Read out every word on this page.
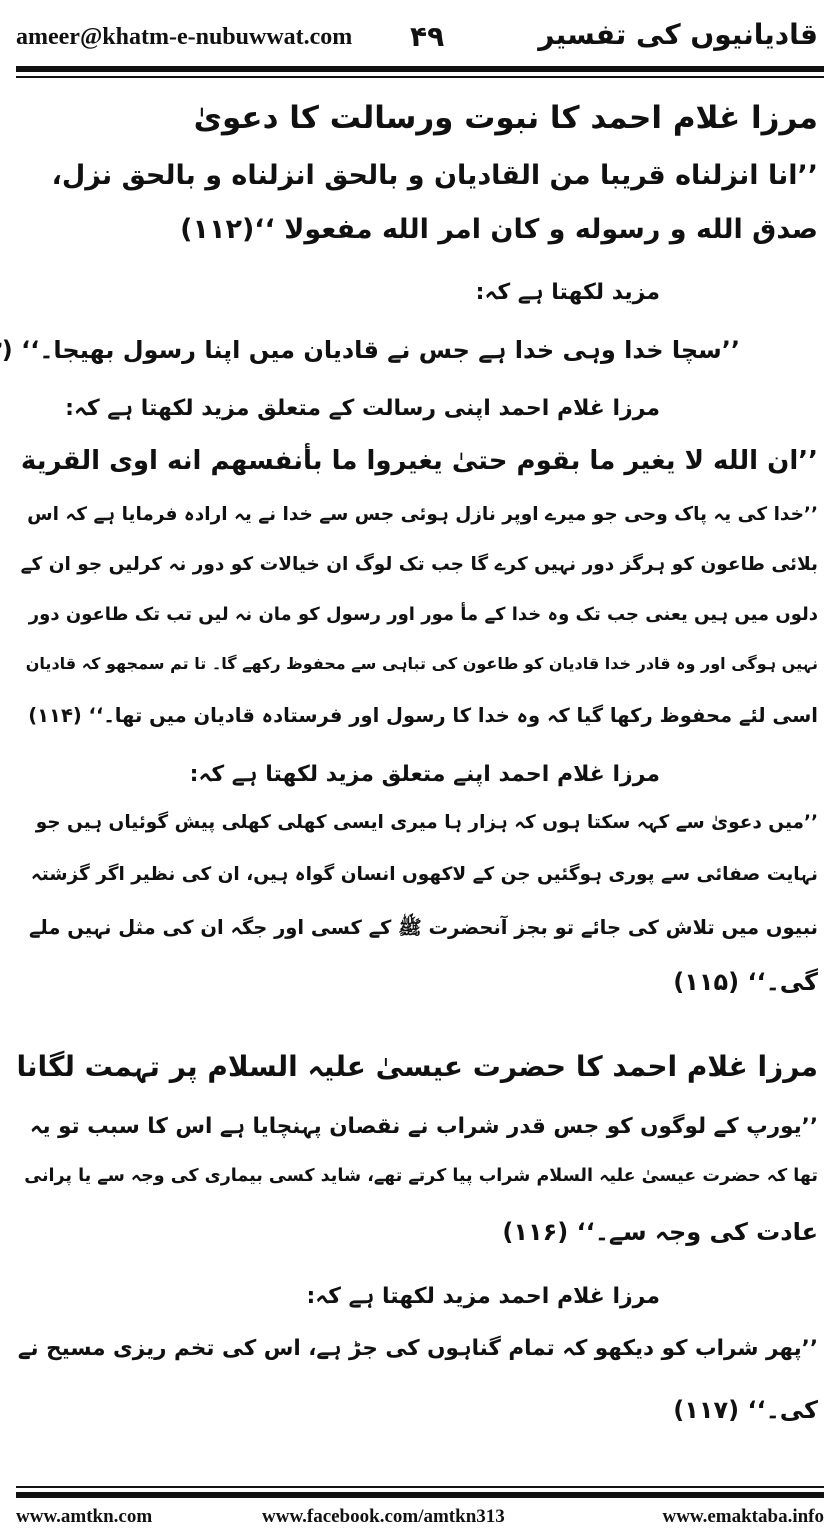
ameer@khatm-e-nubuwwat.com ۴۹	قادیانیوں کی تفسیر
مرزا غلام احمد کا نبوت ورسالت کا دعویٰ
’’انا انزلناه قريبا من القاديان و بالحق انزلناه و بالحق نزل،
صدق الله و رسوله و كان امر الله مفعولا ‘‘(۱۱۲)
مزید لکھتا ہے کہ:
’’سچا خدا وہی خدا ہے جس نے قادیان میں اپنا رسول بھیجا۔‘‘ (
مرزا غلام احمد اپنی رسالت کے متعلق مزید لکھتا ہے کہ:
’’ان الله لا يغير ما بقوم حتىٰ يغيروا ما بأنفسهم انه اوى القرية
’’خدا کی یہ پاک وحی جو میرے اوپر نازل ہوئی جس سے خدا نے یہ ارادہ فرمایا ہے کہ اس
بلائی طاعون کو ہرگز دور نہیں کرے گا جب تک لوگ ان خیالات کو دور نہ کرلیں جو ان کے
دلوں میں ہیں یعنی جب تک وہ خدا کے مأ مور اور رسول کو مان نہ لیں تب تک طاعون دور
نہیں ہوگی اور وہ قادر خدا قادیان کو طاعون کی تباہی سے محفوظ رکھے گا۔ تا تم سمجھو کہ قادیان
اسی لئے محفوظ رکھا گیا کہ وہ خدا کا رسول اور فرستادہ قادیان میں تھا۔‘‘ (۱۱۴)
مرزا غلام احمد اپنے متعلق مزید لکھتا ہے کہ:
’’میں دعویٰ سے کہہ سکتا ہوں کہ ہزار ہا میری ایسی کھلی کھلی پیش گوئیاں ہیں جو
نہایت صفائی سے پوری ہوگئیں جن کے لاکھوں انسان گواہ ہیں، ان کی نظیر اگر گزشتہ
نبیوں میں تلاش کی جائے تو بجز آنحضرت ﷺ کے کسی اور جگہ ان کی مثل نہیں ملے
گی۔‘‘ (۱۱۵)
مرزا غلام احمد کا حضرت عیسیٰ علیہ السلام پر تہمت لگانا
’’یورپ کے لوگوں کو جس قدر شراب نے نقصان پہنچایا ہے اس کا سبب تو یہ
تھا کہ حضرت عیسیٰ علیہ السلام شراب پیا کرتے تھے، شاید کسی بیماری کی وجہ سے یا پرانی
عادت کی وجہ سے۔‘‘ (۱۱۶)
مرزا غلام احمد مزید لکھتا ہے کہ:
’’پھر شراب کو دیکھو کہ تمام گناہوں کی جڑ ہے، اس کی تخم ریزی مسیح نے
کی۔‘‘ (۱۱۷)
www.amtkn.com	www.facebook.com/amtkn313	www.emaktaba.info
